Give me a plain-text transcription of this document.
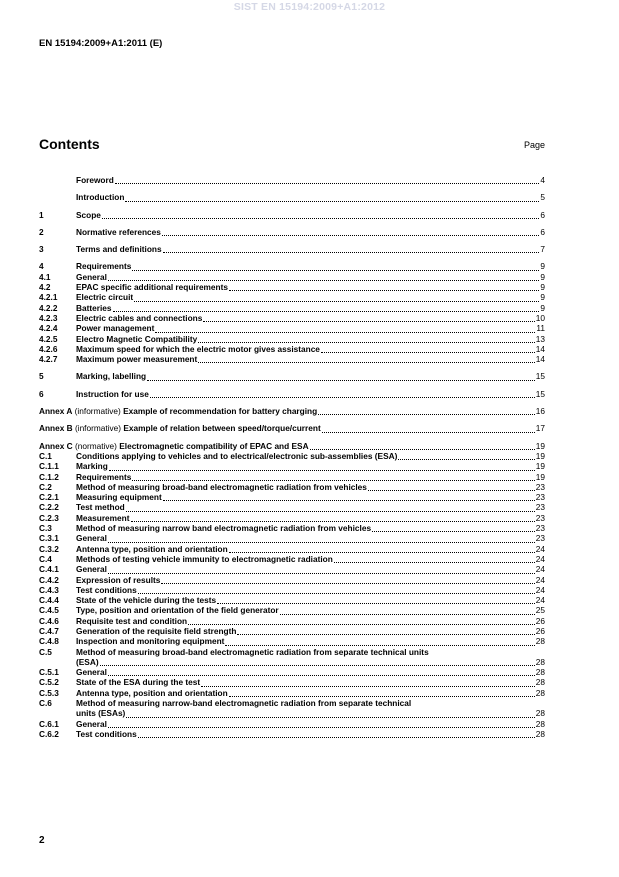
SIST EN 15194:2009+A1:2012
EN 15194:2009+A1:2011 (E)
Contents	Page
Foreword	4
Introduction	5
1	Scope	6
2	Normative references	6
3	Terms and definitions	7
4	Requirements	9
4.1	General	9
4.2	EPAC specific additional requirements	9
4.2.1	Electric circuit	9
4.2.2	Batteries	9
4.2.3	Electric cables and connections	10
4.2.4	Power management	11
4.2.5	Electro Magnetic Compatibility	13
4.2.6	Maximum speed for which the electric motor gives assistance	14
4.2.7	Maximum power measurement	14
5	Marking, labelling	15
6	Instruction for use	15
Annex A (informative) Example of recommendation for battery charging	16
Annex B (informative) Example of relation between speed/torque/current	17
Annex C (normative) Electromagnetic compatibility of EPAC and ESA	19
C.1	Conditions applying to vehicles and to electrical/electronic sub-assemblies (ESA)	19
C.1.1	Marking	19
C.1.2	Requirements	19
C.2	Method of measuring broad-band electromagnetic radiation from vehicles	23
C.2.1	Measuring equipment	23
C.2.2	Test method	23
C.2.3	Measurement	23
C.3	Method of measuring narrow band electromagnetic radiation from vehicles	23
C.3.1	General	23
C.3.2	Antenna type, position and orientation	24
C.4	Methods of testing vehicle immunity to electromagnetic radiation	24
C.4.1	General	24
C.4.2	Expression of results	24
C.4.3	Test conditions	24
C.4.4	State of the vehicle during the tests	24
C.4.5	Type, position and orientation of the field generator	25
C.4.6	Requisite test and condition	26
C.4.7	Generation of the requisite field strength	26
C.4.8	Inspection and monitoring equipment	28
C.5	Method of measuring broad-band electromagnetic radiation from separate technical units
(ESA)	28
C.5.1	General	28
C.5.2	State of the ESA during the test	28
C.5.3	Antenna type, position and orientation	28
C.6	Method of measuring narrow-band electromagnetic radiation from separate technical
units (ESAs)	28
C.6.1	General	28
C.6.2	Test conditions	28
2
